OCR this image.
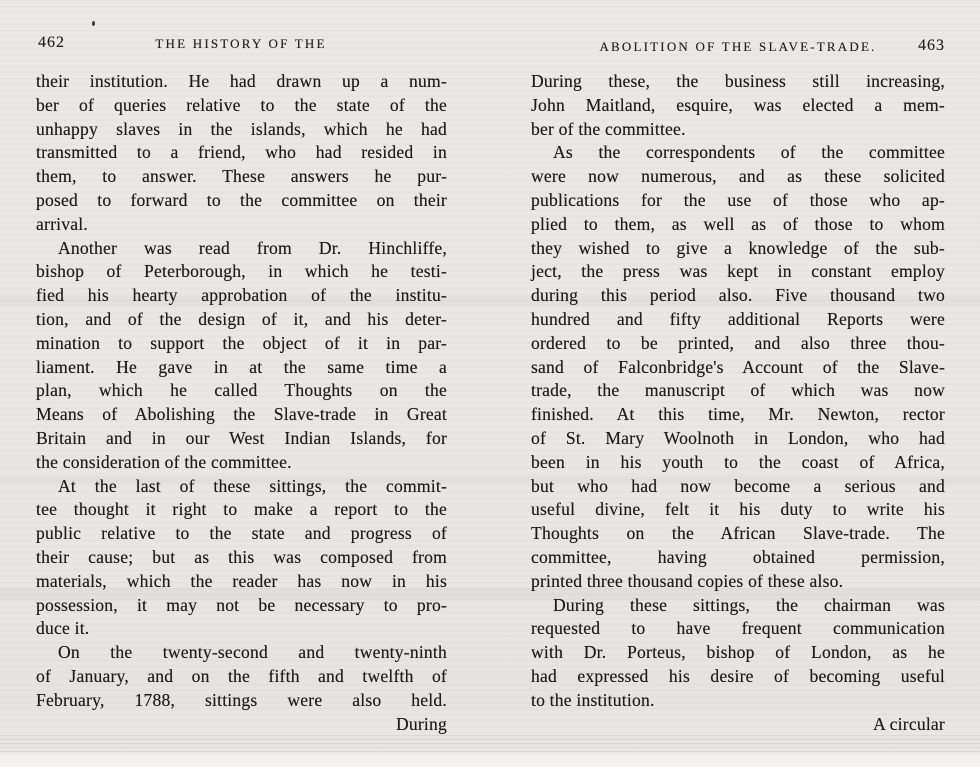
462	THE HISTORY OF THE
their institution. He had drawn up a num-
ber of queries relative to the state of the
unhappy slaves in the islands, which he had
transmitted to a friend, who had resided in
them, to answer. These answers he pur-
posed to forward to the committee on their
arrival.
Another was read from Dr. Hinchliffe,
bishop of Peterborough, in which he testi-
fied his hearty approbation of the institu-
tion, and of the design of it, and his deter-
mination to support the object of it in par-
liament. He gave in at the same time a
plan, which he called Thoughts on the
Means of Abolishing the Slave-trade in Great
Britain and in our West Indian Islands, for
the consideration of the committee.
At the last of these sittings, the commit-
tee thought it right to make a report to the
public relative to the state and progress of
their cause; but as this was composed from
materials, which the reader has now in his
possession, it may not be necessary to pro-
duce it.
On the twenty-second and twenty-ninth
of January, and on the fifth and twelfth of
February, 1788, sittings were also held.
During
ABOLITION OF THE SLAVE-TRADE.	463
During these, the business still increasing,
John Maitland, esquire, was elected a mem-
ber of the committee.
As the correspondents of the committee
were now numerous, and as these solicited
publications for the use of those who ap-
plied to them, as well as of those to whom
they wished to give a knowledge of the sub-
ject, the press was kept in constant employ
during this period also. Five thousand two
hundred and fifty additional Reports were
ordered to be printed, and also three thou-
sand of Falconbridge's Account of the Slave-
trade, the manuscript of which was now
finished. At this time, Mr. Newton, rector
of St. Mary Woolnoth in London, who had
been in his youth to the coast of Africa,
but who had now become a serious and
useful divine, felt it his duty to write his
Thoughts on the African Slave-trade. The
committee, having obtained permission,
printed three thousand copies of these also.
During these sittings, the chairman was
requested to have frequent communication
with Dr. Porteus, bishop of London, as he
had expressed his desire of becoming useful
to the institution.
A circular
